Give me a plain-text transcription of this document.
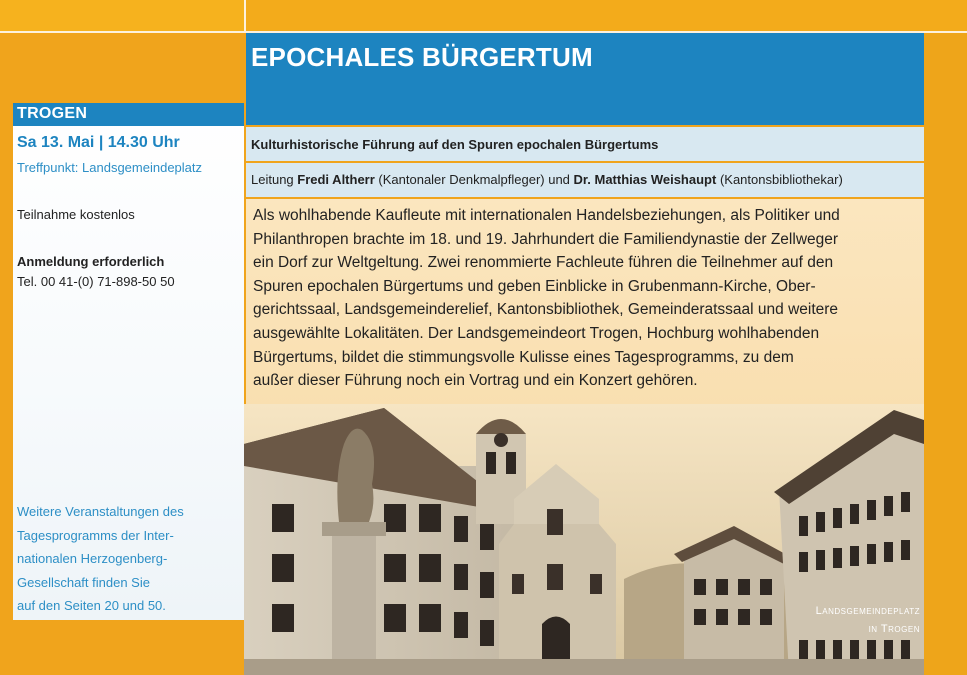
TROGEN
Sa 13. Mai | 14.30 Uhr
Treffpunkt: Landsgemeindeplatz
Teilnahme kostenlos
Anmeldung erforderlich
Tel. 00 41-(0) 71-898-50 50
Weitere Veranstaltungen des
Tagesprogramms der Inter-
nationalen Herzogenberg-
Gesellschaft finden Sie
auf den Seiten 20 und 50.
EPOCHALES BÜRGERTUM
Kulturhistorische Führung auf den Spuren epochalen Bürgertums
Leitung Fredi Altherr (Kantonaler Denkmalpfleger) und Dr. Matthias Weishaupt (Kantonsbibliothekar)
Als wohlhabende Kaufleute mit internationalen Handelsbeziehungen, als Politiker und
Philanthropen brachte im 18. und 19. Jahrhundert die Familiendynastie der Zellweger
ein Dorf zur Weltgeltung. Zwei renommierte Fachleute führen die Teilnehmer auf den
Spuren epochalen Bürgertums und geben Einblicke in Grubenmann-Kirche, Ober-
gerichtssaal, Landsgemeinderelief, Kantonsbibliothek, Gemeinderatssaal und weitere
ausgewählte Lokalitäten. Der Landsgemeindeort Trogen, Hochburg wohlhabenden
Bürgertums, bildet die stimmungsvolle Kulisse eines Tagesprogramms, zu dem
außer dieser Führung noch ein Vortrag und ein Konzert gehören.
Landsgemeindeplatz
in Trogen
